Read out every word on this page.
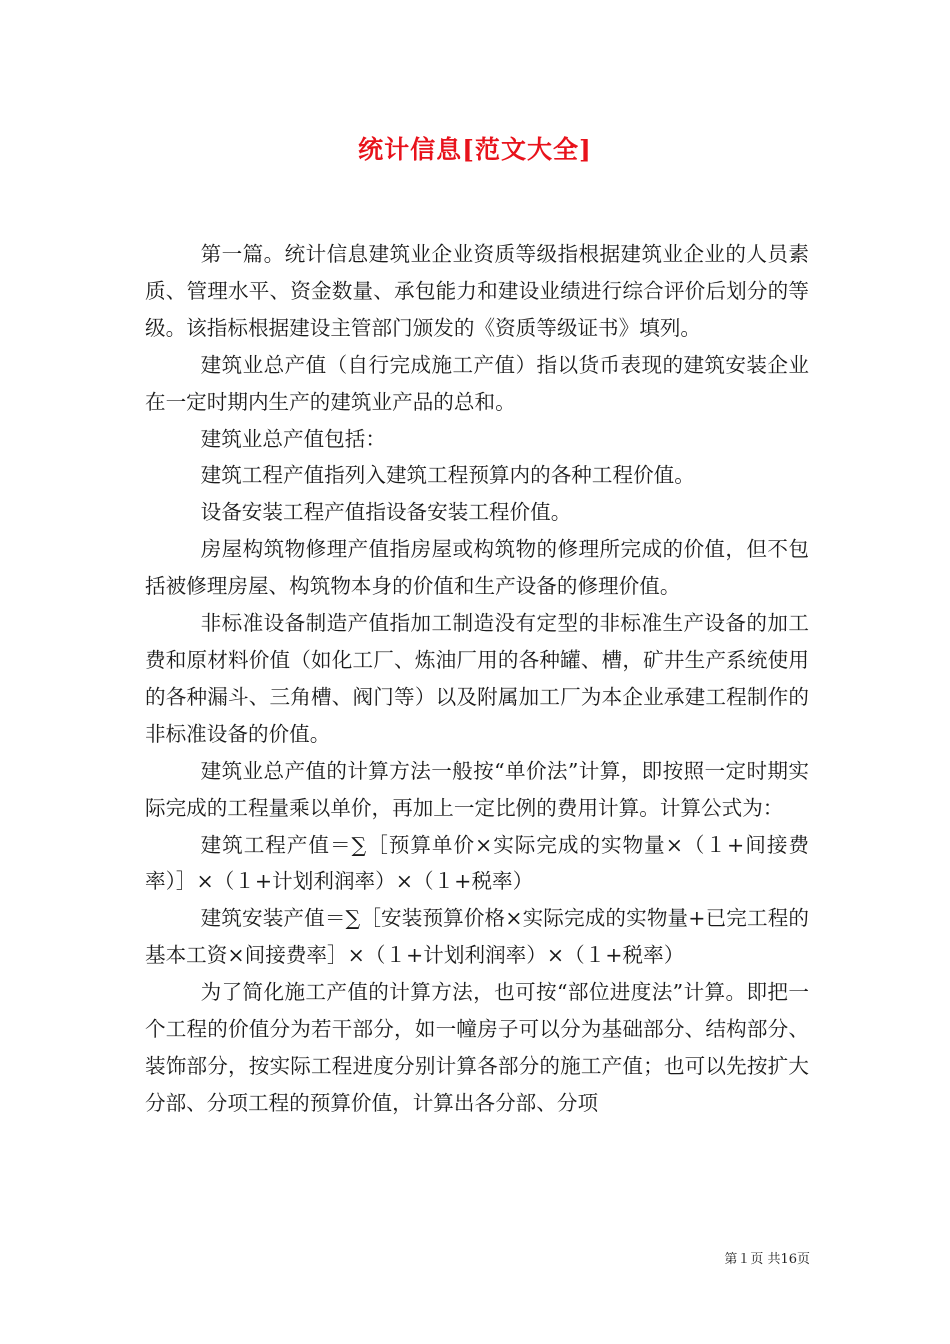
统计信息[范文大全]

第一篇。统计信息建筑业企业资质等级指根据建筑业企业的人员素质、管理水平、资金数量、承包能力和建设业绩进行综合评价后划分的等级。该指标根据建设主管部门颁发的《资质等级证书》填列。

建筑业总产值（自行完成施工产值）指以货币表现的建筑安装企业在一定时期内生产的建筑业产品的总和。

建筑业总产值包括：

建筑工程产值指列入建筑工程预算内的各种工程价值。

设备安装工程产值指设备安装工程价值。

房屋构筑物修理产值指房屋或构筑物的修理所完成的价值，但不包括被修理房屋、构筑物本身的价值和生产设备的修理价值。

非标准设备制造产值指加工制造没有定型的非标准生产设备的加工费和原材料价值（如化工厂、炼油厂用的各种罐、槽，矿井生产系统使用的各种漏斗、三角槽、阀门等）以及附属加工厂为本企业承建工程制作的非标准设备的价值。

建筑业总产值的计算方法一般按“单价法”计算，即按照一定时期实际完成的工程量乘以单价，再加上一定比例的费用计算。计算公式为：

建筑工程产值＝∑［预算单价×实际完成的实物量×（１+间接费率）］×（１+计划利润率）×（１+税率）

建筑安装产值＝∑［安装预算价格×实际完成的实物量+已完工程的基本工资×间接费率］×（１+计划利润率）×（１+税率）

为了简化施工产值的计算方法，也可按“部位进度法”计算。即把一个工程的价值分为若干部分，如一幢房子可以分为基础部分、结构部分、装饰部分，按实际工程进度分别计算各部分的施工产值；也可以先按扩大分部、分项工程的预算价值，计算出各分部、分项

第１页 共16页
